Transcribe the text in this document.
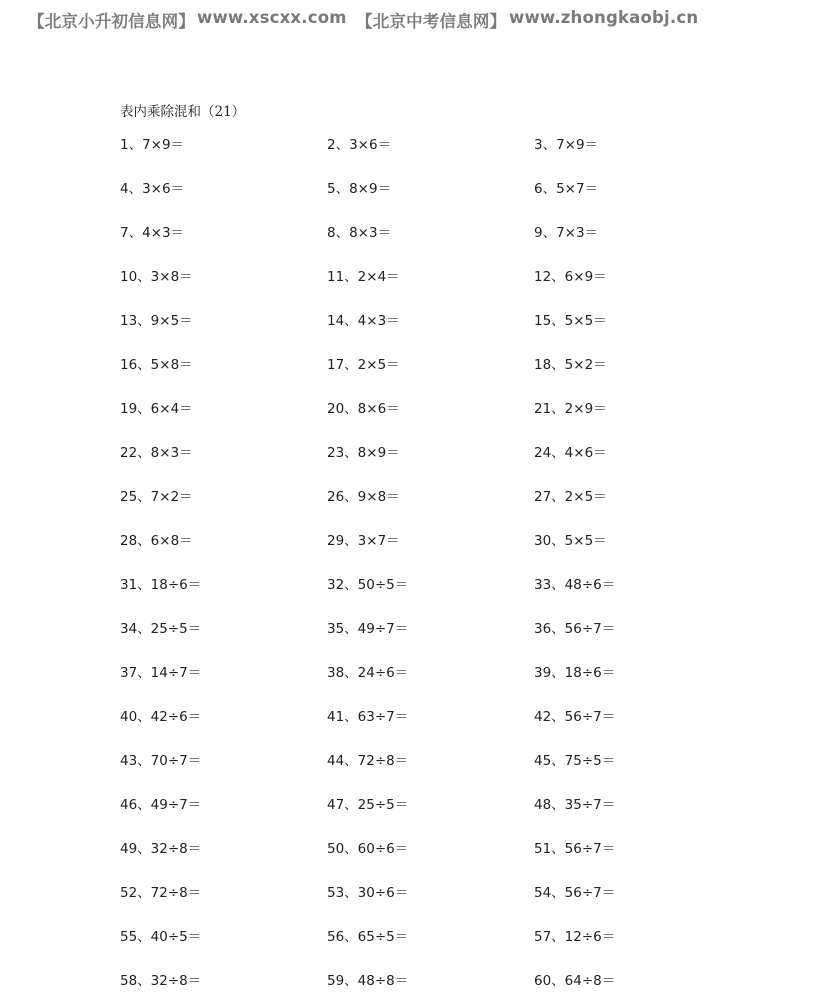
【北京小升初信息网】 www.xscxx.com 【北京中考信息网】 www.zhongkaobj.cn
表内乘除混和（21）
1、7×9＝	2、3×6＝	3、7×9＝
4、3×6＝	5、8×9＝	6、5×7＝
7、4×3＝	8、8×3＝	9、7×3＝
10、3×8＝	11、2×4＝	12、6×9＝
13、9×5＝	14、4×3＝	15、5×5＝
16、5×8＝	17、2×5＝	18、5×2＝
19、6×4＝	20、8×6＝	21、2×9＝
22、8×3＝	23、8×9＝	24、4×6＝
25、7×2＝	26、9×8＝	27、2×5＝
28、6×8＝	29、3×7＝	30、5×5＝
31、18÷6＝	32、50÷5＝	33、48÷6＝
34、25÷5＝	35、49÷7＝	36、56÷7＝
37、14÷7＝	38、24÷6＝	39、18÷6＝
40、42÷6＝	41、63÷7＝	42、56÷7＝
43、70÷7＝	44、72÷8＝	45、75÷5＝
46、49÷7＝	47、25÷5＝	48、35÷7＝
49、32÷8＝	50、60÷6＝	51、56÷7＝
52、72÷8＝	53、30÷6＝	54、56÷7＝
55、40÷5＝	56、65÷5＝	57、12÷6＝
58、32÷8＝	59、48÷8＝	60、64÷8＝
